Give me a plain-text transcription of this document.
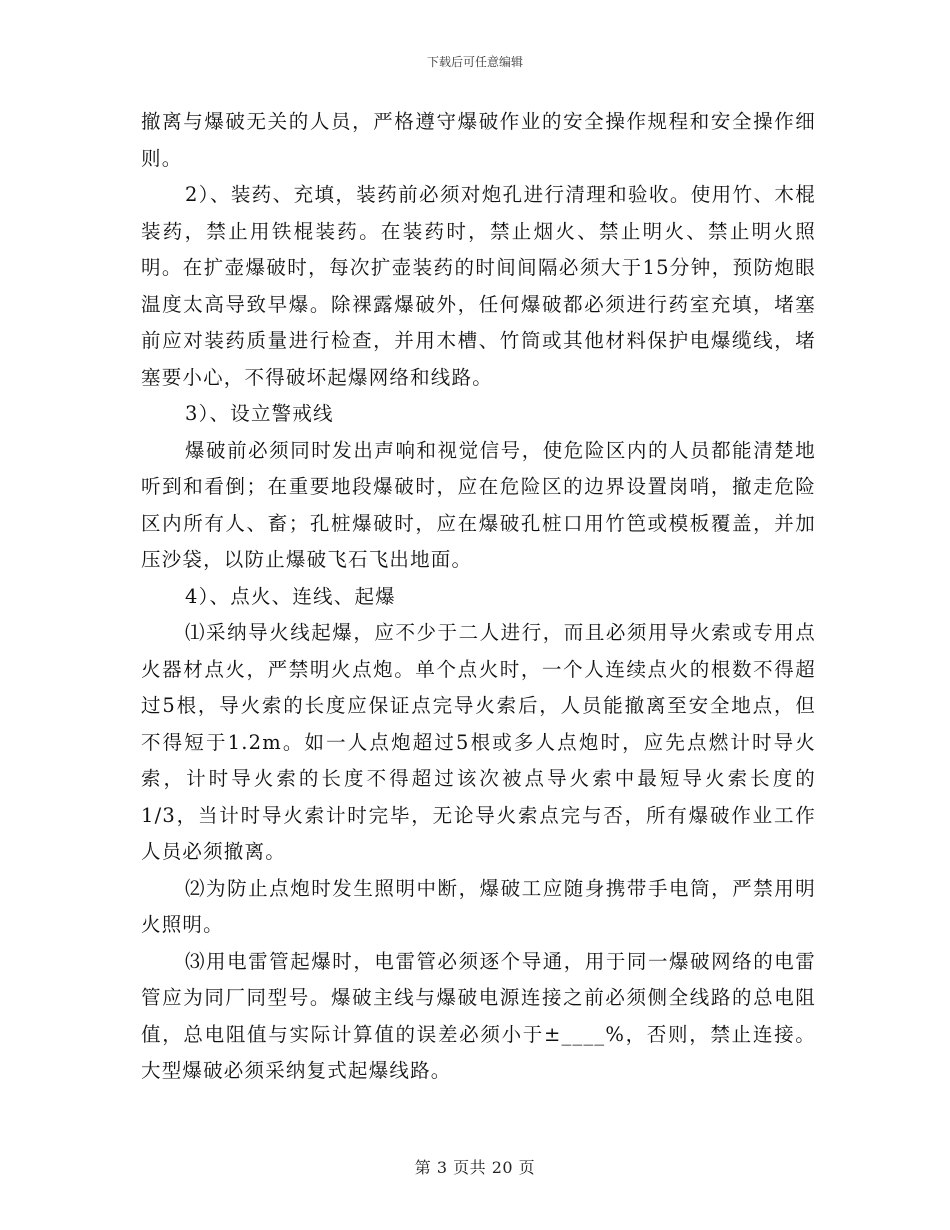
下载后可任意编辑

撤离与爆破无关的人员，严格遵守爆破作业的安全操作规程和安全操作细则。

2）、装药、充填，装药前必须对炮孔进行清理和验收。使用竹、木棍装药，禁止用铁棍装药。在装药时，禁止烟火、禁止明火、禁止明火照明。在扩壶爆破时，每次扩壶装药的时间间隔必须大于15分钟，预防炮眼温度太高导致早爆。除裸露爆破外，任何爆破都必须进行药室充填，堵塞前应对装药质量进行检查，并用木槽、竹筒或其他材料保护电爆缆线，堵塞要小心，不得破坏起爆网络和线路。

3）、设立警戒线

爆破前必须同时发出声响和视觉信号，使危险区内的人员都能清楚地听到和看倒；在重要地段爆破时，应在危险区的边界设置岗哨，撤走危险区内所有人、畜；孔桩爆破时，应在爆破孔桩口用竹笆或模板覆盖，并加压沙袋，以防止爆破飞石飞出地面。

4）、点火、连线、起爆

⑴采纳导火线起爆，应不少于二人进行，而且必须用导火索或专用点火器材点火，严禁明火点炮。单个点火时，一个人连续点火的根数不得超过5根，导火索的长度应保证点完导火索后，人员能撤离至安全地点，但不得短于1.2m。如一人点炮超过5根或多人点炮时，应先点燃计时导火索，计时导火索的长度不得超过该次被点导火索中最短导火索长度的1/3，当计时导火索计时完毕，无论导火索点完与否，所有爆破作业工作人员必须撤离。

⑵为防止点炮时发生照明中断，爆破工应随身携带手电筒，严禁用明火照明。

⑶用电雷管起爆时，电雷管必须逐个导通，用于同一爆破网络的电雷管应为同厂同型号。爆破主线与爆破电源连接之前必须侧全线路的总电阻值，总电阻值与实际计算值的误差必须小于±____%，否则，禁止连接。大型爆破必须采纳复式起爆线路。

第 3 页共 20 页
